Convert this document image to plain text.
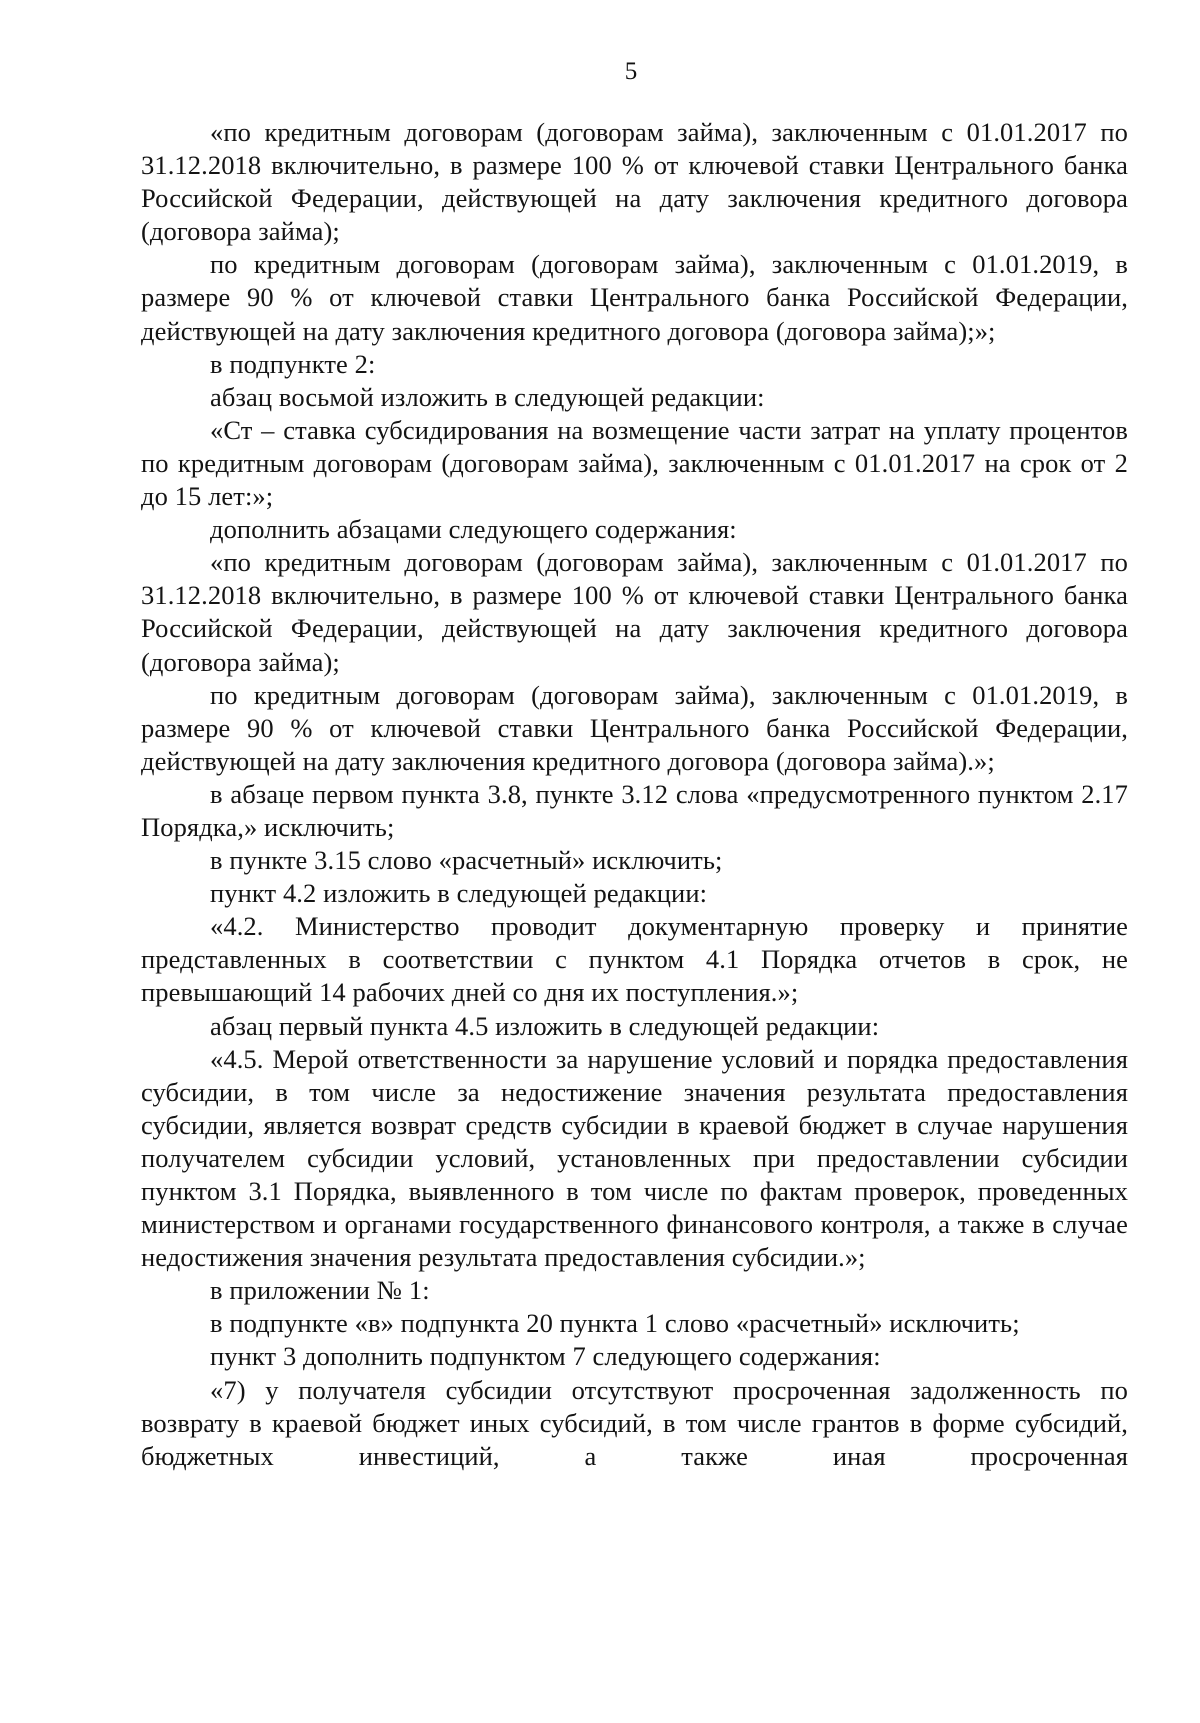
5

«по кредитным договорам (договорам займа), заключенным с 01.01.2017 по 31.12.2018 включительно, в размере 100 % от ключевой ставки Центрального банка Российской Федерации, действующей на дату заключения кредитного договора (договора займа);

по кредитным договорам (договорам займа), заключенным с 01.01.2019, в размере 90 % от ключевой ставки Центрального банка Российской Федерации, действующей на дату заключения кредитного договора (договора займа);»;

в подпункте 2:

абзац восьмой изложить в следующей редакции:

«Ст – ставка субсидирования на возмещение части затрат на уплату процентов по кредитным договорам (договорам займа), заключенным с 01.01.2017 на срок от 2 до 15 лет:»;

дополнить абзацами следующего содержания:

«по кредитным договорам (договорам займа), заключенным с 01.01.2017 по 31.12.2018 включительно, в размере 100 % от ключевой ставки Центрального банка Российской Федерации, действующей на дату заключения кредитного договора (договора займа);

по кредитным договорам (договорам займа), заключенным с 01.01.2019, в размере 90 % от ключевой ставки Центрального банка Российской Федерации, действующей на дату заключения кредитного договора (договора займа).»;

в абзаце первом пункта 3.8, пункте 3.12 слова «предусмотренного пунктом 2.17 Порядка,» исключить;

в пункте 3.15 слово «расчетный» исключить;

пункт 4.2 изложить в следующей редакции:

«4.2. Министерство проводит документарную проверку и принятие представленных в соответствии с пунктом 4.1 Порядка отчетов в срок, не превышающий 14 рабочих дней со дня их поступления.»;

абзац первый пункта 4.5 изложить в следующей редакции:

«4.5. Мерой ответственности за нарушение условий и порядка предоставления субсидии, в том числе за недостижение значения результата предоставления субсидии, является возврат средств субсидии в краевой бюджет в случае нарушения получателем субсидии условий, установленных при предоставлении субсидии пунктом 3.1 Порядка, выявленного в том числе по фактам проверок, проведенных министерством и органами государственного финансового контроля, а также в случае недостижения значения результата предоставления субсидии.»;

в приложении № 1:

в подпункте «в» подпункта 20 пункта 1 слово «расчетный» исключить;

пункт 3 дополнить подпунктом 7 следующего содержания:

«7) у получателя субсидии отсутствуют просроченная задолженность по возврату в краевой бюджет иных субсидий, в том числе грантов в форме субсидий, бюджетных инвестиций, а также иная просроченная
